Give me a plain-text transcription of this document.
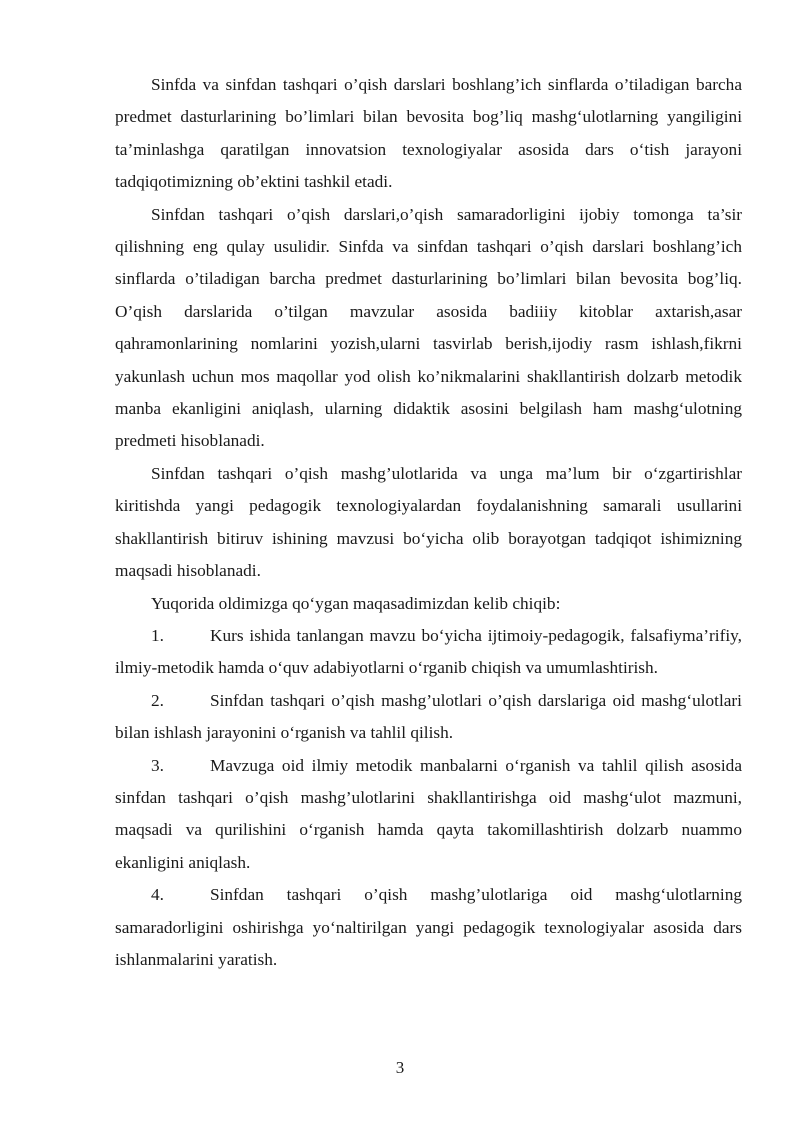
Sinfda va sinfdan tashqari o’qish darslari boshlang’ich sinflarda o’tiladigan barcha predmet dasturlarining bo’limlari bilan bevosita bog’liq mashg‘ulotlarning yangiligini ta’minlashga qaratilgan innovatsion texnologiyalar asosida dars o‘tish jarayoni tadqiqotimizning ob’ektini tashkil etadi.

Sinfdan tashqari o’qish darslari,o’qish samaradorligini ijobiy tomonga ta’sir qilishning eng qulay usulidir. Sinfda va sinfdan tashqari o’qish darslari boshlang’ich sinflarda o’tiladigan barcha predmet dasturlarining bo’limlari bilan bevosita bog’liq. O’qish darslarida o’tilgan mavzular asosida badiiiy kitoblar axtarish,asar qahramonlarining nomlarini yozish,ularni tasvirlab berish,ijodiy rasm ishlash,fikrni yakunlash uchun mos maqollar yod olish ko’nikmalarini shakllantirish dolzarb metodik manba ekanligini aniqlash, ularning didaktik asosini belgilash ham mashg‘ulotning predmeti hisoblanadi.

Sinfdan tashqari o’qish mashg’ulotlarida va unga ma’lum bir o‘zgartirishlar kiritishda yangi pedagogik texnologiyalardan foydalanishning samarali usullarini shakllantirish bitiruv ishining mavzusi bo‘yicha olib borayotgan tadqiqot ishimizning maqsadi hisoblanadi.

Yuqorida oldimizga qo‘ygan maqasadimizdan kelib chiqib:

1.	Kurs ishida tanlangan mavzu bo‘yicha ijtimoiy-pedagogik, falsafiyma’rifiy, ilmiy-metodik hamda o‘quv adabiyotlarni o‘rganib chiqish va umumlashtirish.

2.	Sinfdan tashqari o’qish mashg’ulotlari o’qish darslariga oid mashg‘ulotlari bilan ishlash jarayonini o‘rganish va tahlil qilish.

3.	Mavzuga oid ilmiy metodik manbalarni o‘rganish va tahlil qilish asosida sinfdan tashqari o’qish mashg’ulotlarini shakllantirishga oid mashg‘ulot mazmuni, maqsadi va qurilishini o‘rganish hamda qayta takomillashtirish dolzarb nuammo ekanligini aniqlash.

4.	Sinfdan tashqari o’qish mashg’ulotlariga oid mashg‘ulotlarning samaradorligini oshirishga yo‘naltirilgan yangi pedagogik texnologiyalar asosida dars ishlanmalarini yaratish.

3
